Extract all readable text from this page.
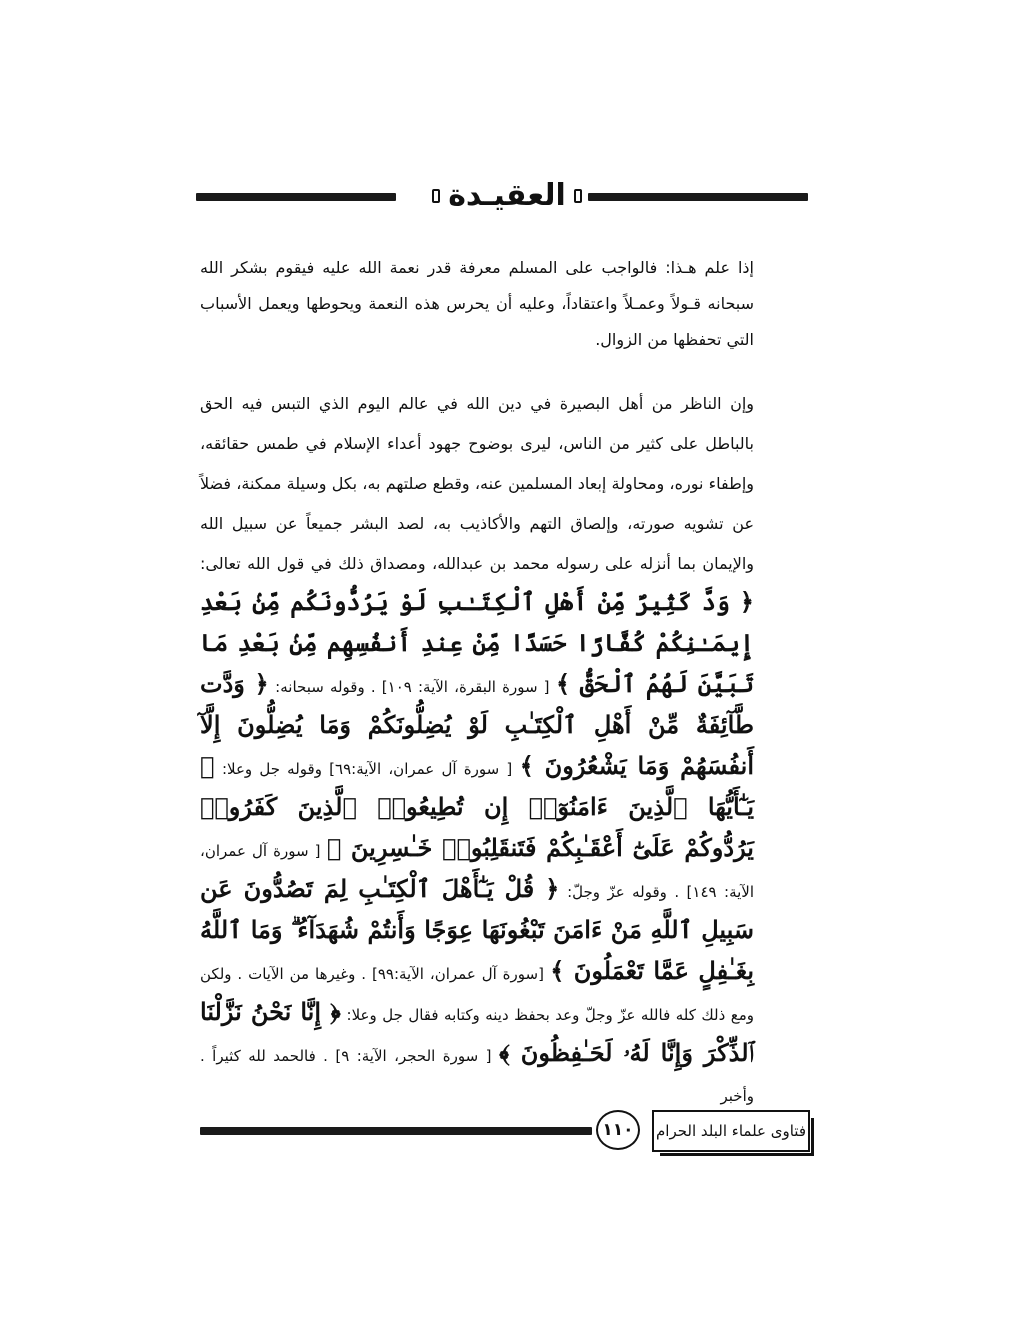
العقيـدة

إذا علم هـذا: فالواجب على المسلم معرفة قدر نعمة الله عليه فيقوم بشكر الله سبحانه قـولاً وعمـلاً واعتقاداً، وعليه أن يحرس هذه النعمة ويحوطها ويعمل الأسباب التي تحفظها من الزوال.

وإن الناظر من أهل البصيرة في دين الله في عالم اليوم الذي التبس فيه الحق بالباطل على كثير من الناس، ليرى بوضوح جهود أعداء الإسلام في طمس حقائقه، وإطفاء نوره، ومحاولة إبعاد المسلمين عنه، وقطع صلتهم به، بكل وسيلة ممكنة، فضلاً عن تشويه صورته، وإلصاق التهم والأكاذيب به، لصد البشر جميعاً عن سبيل الله والإيمان بما أنزله على رسوله محمد بن عبدالله، ومصداق ذلك في قول الله تعالى: ﴿ وَدَّ كَثِيرٌ مِّنْ أَهْلِ ٱلْكِتَـٰبِ لَوْ يَرُدُّونَكُم مِّنۢ بَعْدِ إِيمَـٰنِكُمْ كُفَّارًا حَسَدًا مِّنْ عِندِ أَنفُسِهِم مِّنۢ بَعْدِ مَا تَبَيَّنَ لَهُمُ ٱلْحَقُّ ﴾ [ سورة البقرة، الآية: ١٠٩] . وقوله سبحانه: ﴿ وَدَّت طَّآئِفَةٌ مِّنْ أَهْلِ ٱلْكِتَـٰبِ لَوْ يُضِلُّونَكُمْ وَمَا يُضِلُّونَ إِلَّآ أَنفُسَهُمْ وَمَا يَشْعُرُونَ ﴾ [ سورة آل عمران، الآية:٦٩] وقوله جل وعلا: ﴿ يَـٰٓأَيُّهَا ٱلَّذِينَ ءَامَنُوٓا۟ إِن تُطِيعُوا۟ ٱلَّذِينَ كَفَرُوا۟ يَرُدُّوكُمْ عَلَىٰٓ أَعْقَـٰبِكُمْ فَتَنقَلِبُوا۟ خَـٰسِرِينَ ﴾ [ سورة آل عمران، الآية: ١٤٩] . وقوله عزّ وجلّ: ﴿ قُلْ يَـٰٓأَهْلَ ٱلْكِتَـٰبِ لِمَ تَصُدُّونَ عَن سَبِيلِ ٱللَّهِ مَنْ ءَامَنَ تَبْغُونَهَا عِوَجًا وَأَنتُمْ شُهَدَآءُ ۗ وَمَا ٱللَّهُ بِغَـٰفِلٍ عَمَّا تَعْمَلُونَ ﴾ [سورة آل عمران، الآية:٩٩] . وغيرها من الآيات . ولكن ومع ذلك كله فالله عزّ وجلّ وعد بحفظ دينه وكتابه فقال جل وعلا: ﴿ إِنَّا نَحْنُ نَزَّلْنَا ٱلذِّكْرَ وَإِنَّا لَهُۥ لَحَـٰفِظُونَ ﴾ [ سورة الحجر، الآية: ٩] . فالحمد لله كثيراً . وأخبر

١١٠	فتاوى علماء البلد الحرام
